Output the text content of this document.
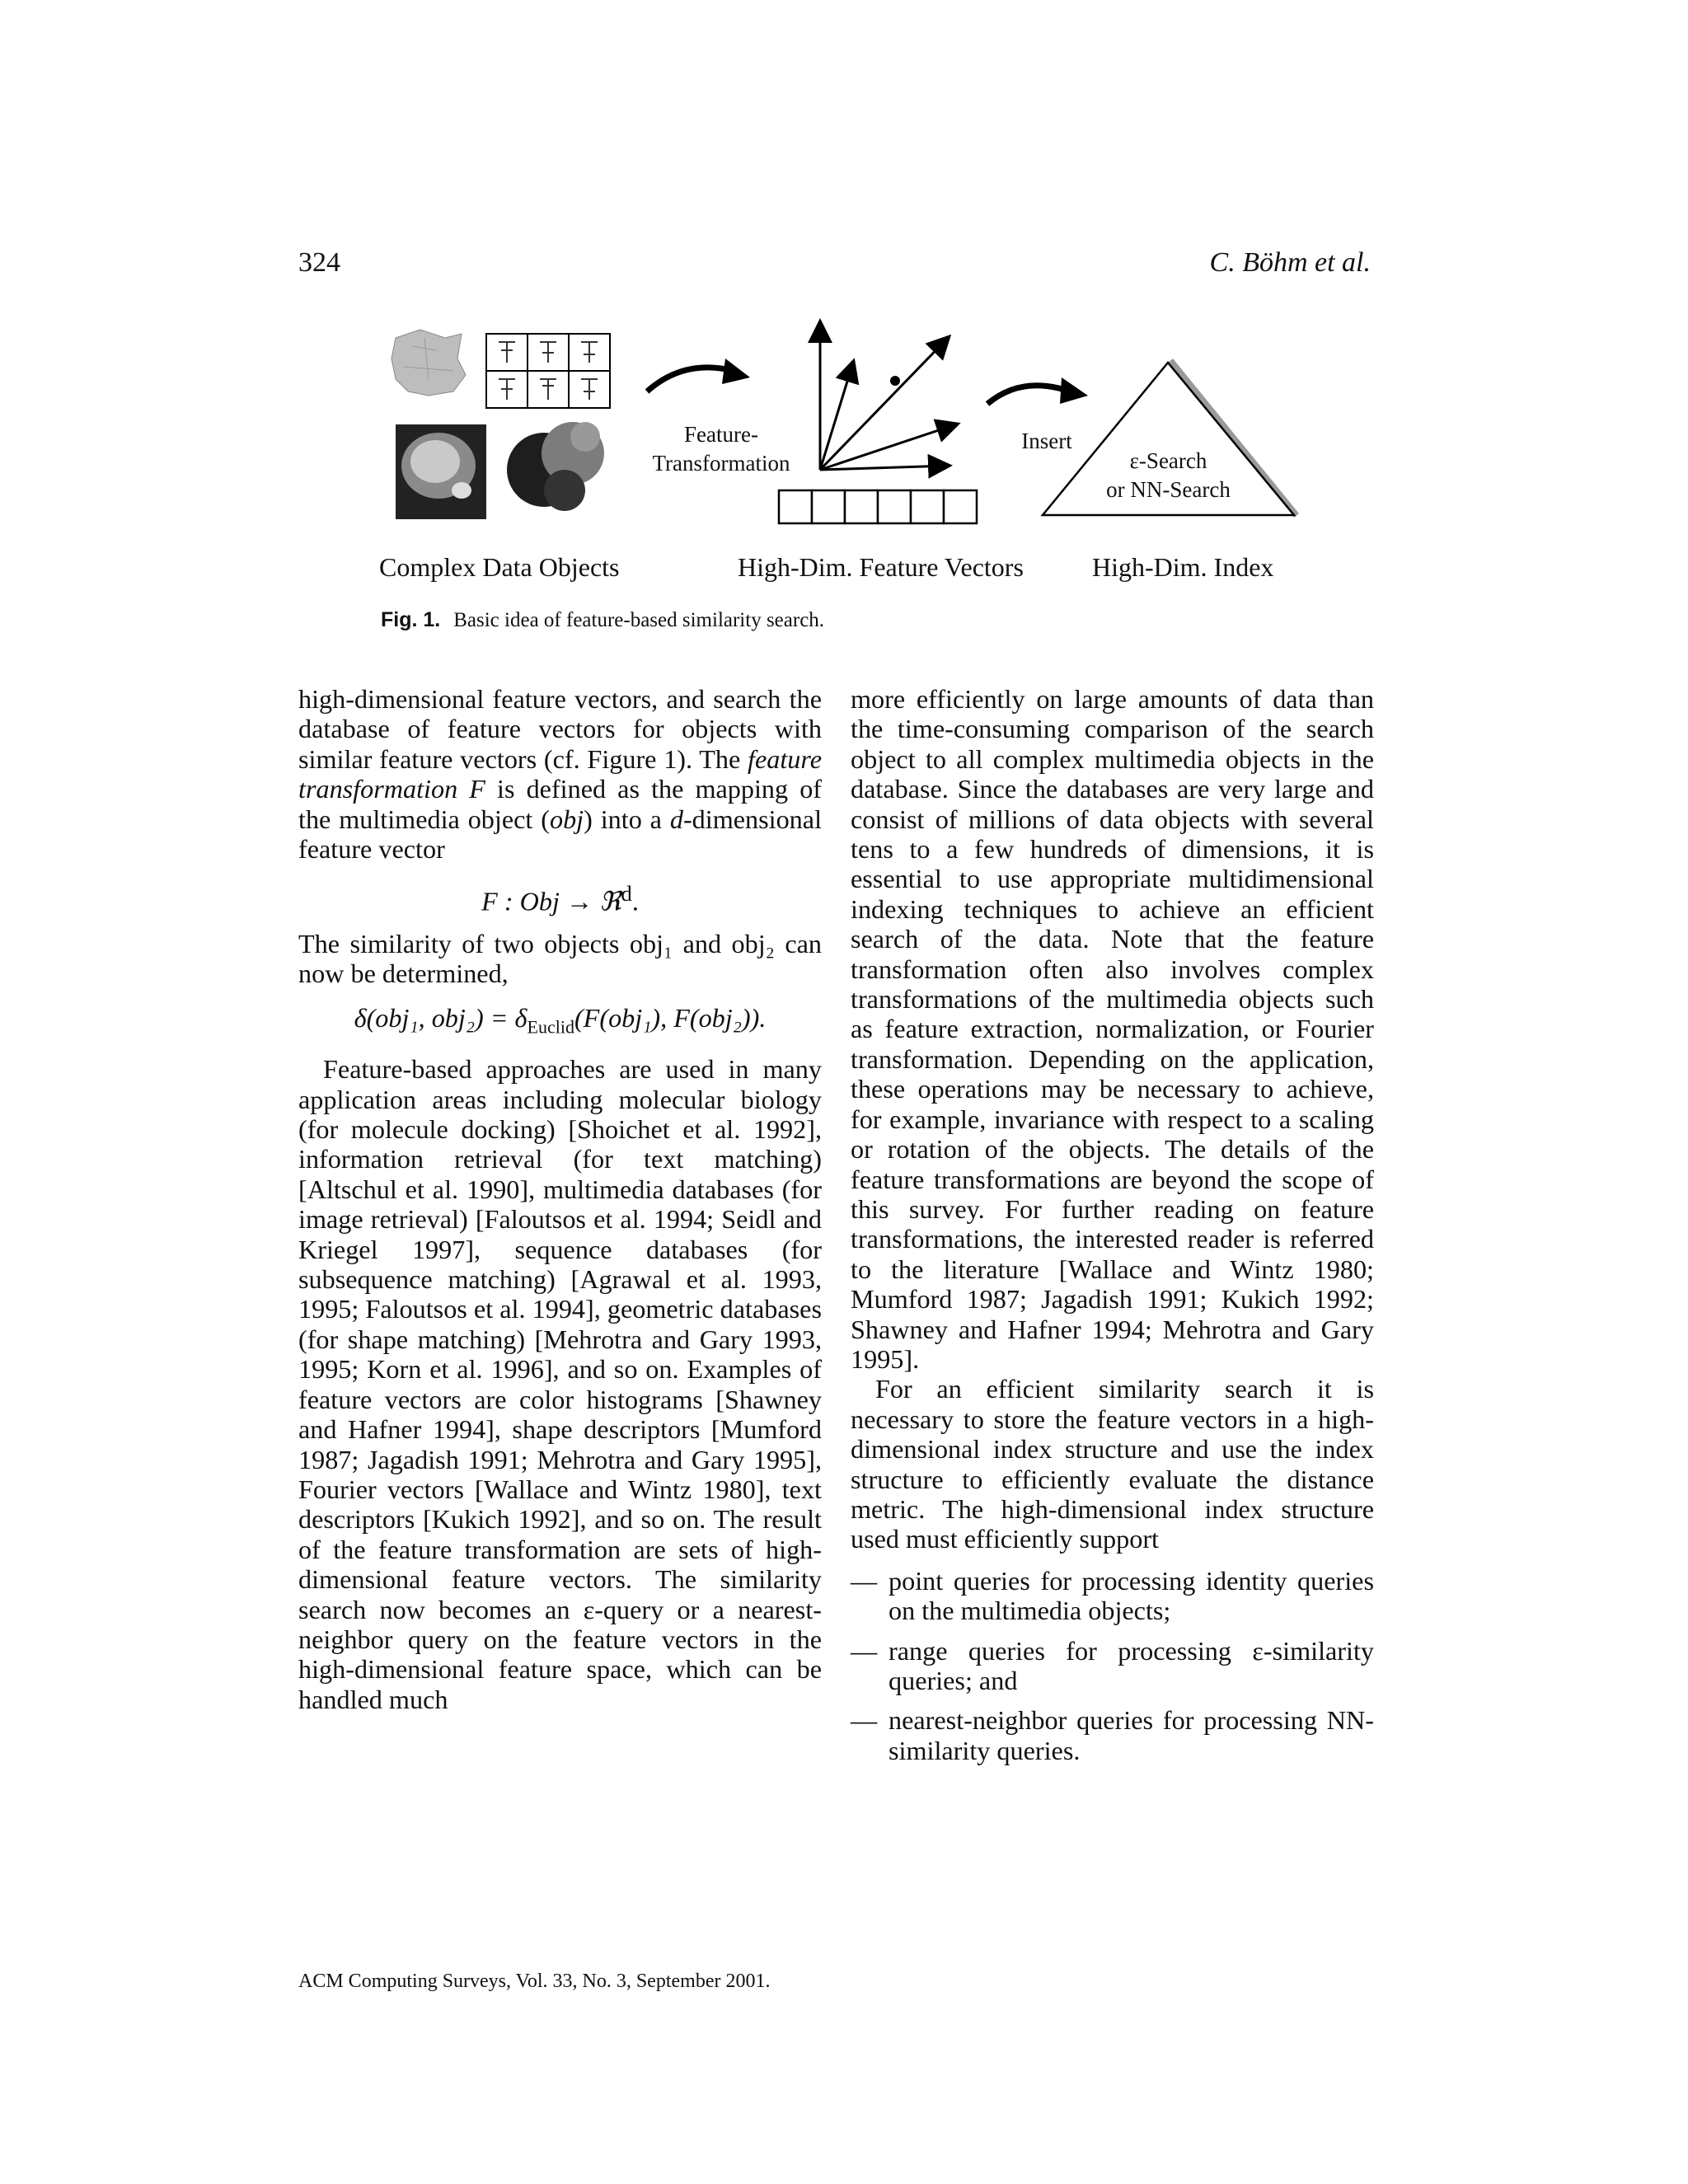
324	C. Böhm et al.
Feature-
Transformation
Insert
ε-Search
or NN-Search
Complex Data Objects	High-Dim. Feature Vectors	High-Dim. Index
Fig. 1. Basic idea of feature-based similarity search.

high-dimensional feature vectors, and search the database of feature vectors for objects with similar feature vectors (cf. Figure 1). The feature transformation F is defined as the mapping of the multimedia object (obj) into a d-dimensional feature vector

F : Obj → ℜ$^d$.

The similarity of two objects obj₁ and obj₂ can now be determined,

δ(obj₁, $obj_2) = \delta_{Euclid}(F(obj_1)$, F(obj₂)).

Feature-based approaches are used in many application areas including molecular biology (for molecule docking) [Shoichet et al. 1992], information retrieval (for text matching) [Altschul et al. 1990], multimedia databases (for image retrieval) [Faloutsos et al. 1994; Seidl and Kriegel 1997], sequence databases (for subsequence matching) [Agrawal et al. 1993, 1995; Faloutsos et al. 1994], geometric databases (for shape matching) [Mehrotra and Gary 1993, 1995; Korn et al. 1996], and so on. Examples of feature vectors are color histograms [Shawney and Hafner 1994], shape descriptors [Mumford 1987; Jagadish 1991; Mehrotra and Gary 1995], Fourier vectors [Wallace and Wintz 1980], text descriptors [Kukich 1992], and so on. The result of the feature transformation are sets of high-dimensional feature vectors. The similarity search now becomes an ε-query or a nearest-neighbor query on the feature vectors in the high-dimensional feature space, which can be handled much

more efficiently on large amounts of data than the time-consuming comparison of the search object to all complex multimedia objects in the database. Since the databases are very large and consist of millions of data objects with several tens to a few hundreds of dimensions, it is essential to use appropriate multidimensional indexing techniques to achieve an efficient search of the data. Note that the feature transformation often also involves complex transformations of the multimedia objects such as feature extraction, normalization, or Fourier transformation. Depending on the application, these operations may be necessary to achieve, for example, invariance with respect to a scaling or rotation of the objects. The details of the feature transformations are beyond the scope of this survey. For further reading on feature transformations, the interested reader is referred to the literature [Wallace and Wintz 1980; Mumford 1987; Jagadish 1991; Kukich 1992; Shawney and Hafner 1994; Mehrotra and Gary 1995].

For an efficient similarity search it is necessary to store the feature vectors in a high-dimensional index structure and use the index structure to efficiently evaluate the distance metric. The high-dimensional index structure used must efficiently support

— point queries for processing identity queries on the multimedia objects;
— range queries for processing ε-similarity queries; and
— nearest-neighbor queries for processing NN-similarity queries.
ACM Computing Surveys, Vol. 33, No. 3, September 2001.
